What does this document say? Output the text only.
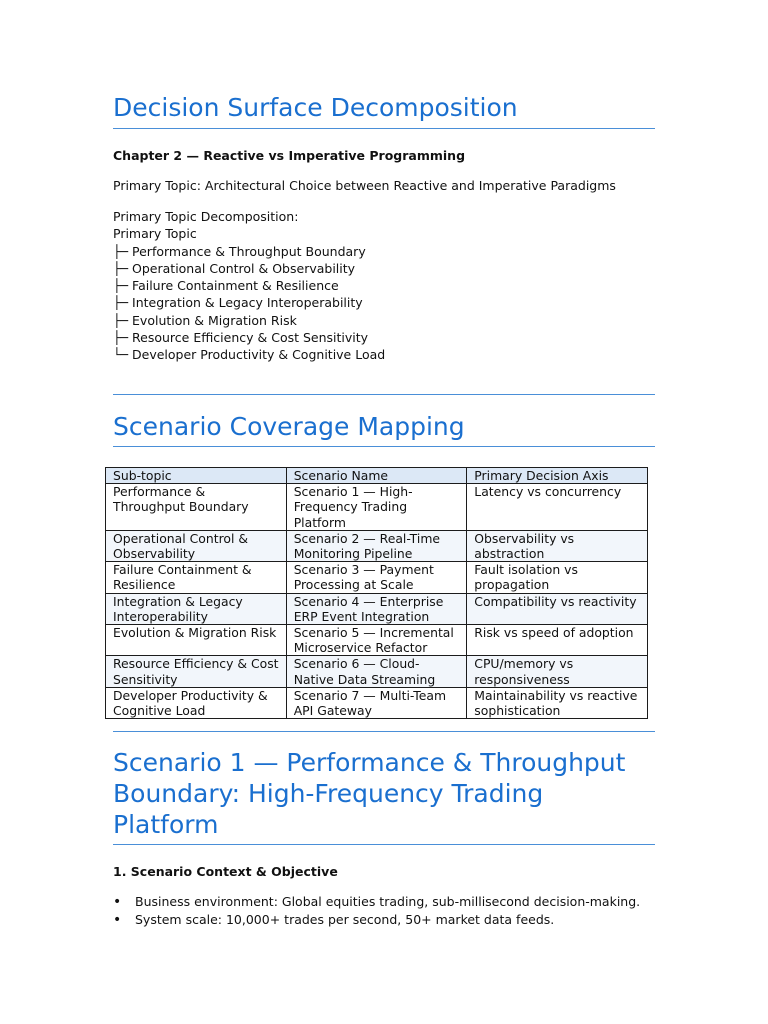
Decision Surface Decomposition
Chapter 2 — Reactive vs Imperative Programming
Primary Topic: Architectural Choice between Reactive and Imperative Paradigms
Primary Topic Decomposition:
Primary Topic
├─ Performance & Throughput Boundary
├─ Operational Control & Observability
├─ Failure Containment & Resilience
├─ Integration & Legacy Interoperability
├─ Evolution & Migration Risk
├─ Resource Efficiency & Cost Sensitivity
└─ Developer Productivity & Cognitive Load
Scenario Coverage Mapping
Sub-topic	Scenario Name	Primary Decision Axis
Performance & Throughput Boundary	Scenario 1 — High-Frequency Trading Platform	Latency vs concurrency
Operational Control & Observability	Scenario 2 — Real-Time Monitoring Pipeline	Observability vs abstraction
Failure Containment & Resilience	Scenario 3 — Payment Processing at Scale	Fault isolation vs propagation
Integration & Legacy Interoperability	Scenario 4 — Enterprise ERP Event Integration	Compatibility vs reactivity
Evolution & Migration Risk	Scenario 5 — Incremental Microservice Refactor	Risk vs speed of adoption
Resource Efficiency & Cost Sensitivity	Scenario 6 — Cloud-Native Data Streaming	CPU/memory vs responsiveness
Developer Productivity & Cognitive Load	Scenario 7 — Multi-Team API Gateway	Maintainability vs reactive sophistication
Scenario 1 — Performance & Throughput
Boundary: High-Frequency Trading
Platform
1. Scenario Context & Objective
• Business environment: Global equities trading, sub-millisecond decision-making.
• System scale: 10,000+ trades per second, 50+ market data feeds.
